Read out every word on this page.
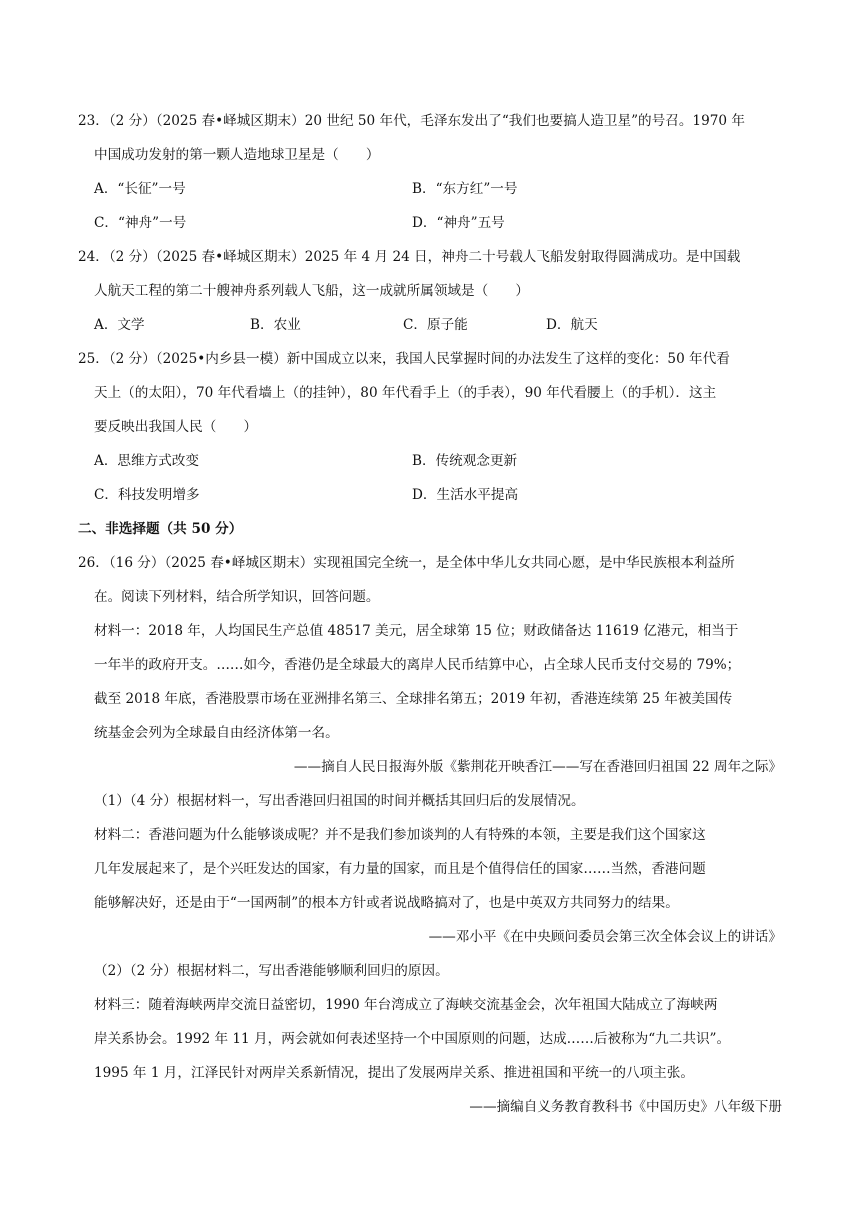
23．（2 分）（2025 春•峄城区期末）20 世纪 50 年代，毛泽东发出了“我们也要搞人造卫星”的号召。1970 年
中国成功发射的第一颗人造地球卫星是（　　）
A．“长征”一号	B．“东方红”一号
C．“神舟”一号	D．“神舟”五号
24．（2 分）（2025 春•峄城区期末）2025 年 4 月 24 日，神舟二十号载人飞船发射取得圆满成功。是中国载
人航天工程的第二十艘神舟系列载人飞船，这一成就所属领域是（　　）
A．文学	B．农业	C．原子能	D．航天
25．（2 分）（2025•内乡县一模）新中国成立以来，我国人民掌握时间的办法发生了这样的变化：50 年代看
天上（的太阳），70 年代看墙上（的挂钟），80 年代看手上（的手表），90 年代看腰上（的手机）．这主
要反映出我国人民（　　）
A．思维方式改变	B．传统观念更新
C．科技发明增多	D．生活水平提高
二、非选择题（共 50 分）
26．（16 分）（2025 春•峄城区期末）实现祖国完全统一，是全体中华儿女共同心愿，是中华民族根本利益所
在。阅读下列材料，结合所学知识，回答问题。
材料一：2018 年，人均国民生产总值 48517 美元，居全球第 15 位；财政储备达 11619 亿港元，相当于
一年半的政府开支。……如今，香港仍是全球最大的离岸人民币结算中心，占全球人民币支付交易的 79%；
截至 2018 年底，香港股票市场在亚洲排名第三、全球排名第五；2019 年初，香港连续第 25 年被美国传
统基金会列为全球最自由经济体第一名。
——摘自人民日报海外版《紫荆花开映香江——写在香港回归祖国 22 周年之际》
（1）（4 分）根据材料一，写出香港回归祖国的时间并概括其回归后的发展情况。
材料二：香港问题为什么能够谈成呢？并不是我们参加谈判的人有特殊的本领，主要是我们这个国家这
几年发展起来了，是个兴旺发达的国家，有力量的国家，而且是个值得信任的国家……当然，香港问题
能够解决好，还是由于“一国两制”的根本方针或者说战略搞对了，也是中英双方共同努力的结果。
——邓小平《在中央顾问委员会第三次全体会议上的讲话》
（2）（2 分）根据材料二，写出香港能够顺利回归的原因。
材料三：随着海峡两岸交流日益密切，1990 年台湾成立了海峡交流基金会，次年祖国大陆成立了海峡两
岸关系协会。1992 年 11 月，两会就如何表述坚持一个中国原则的问题，达成……后被称为“九二共识”。
1995 年 1 月，江泽民针对两岸关系新情况，提出了发展两岸关系、推进祖国和平统一的八项主张。
——摘编自义务教育教科书《中国历史》八年级下册
